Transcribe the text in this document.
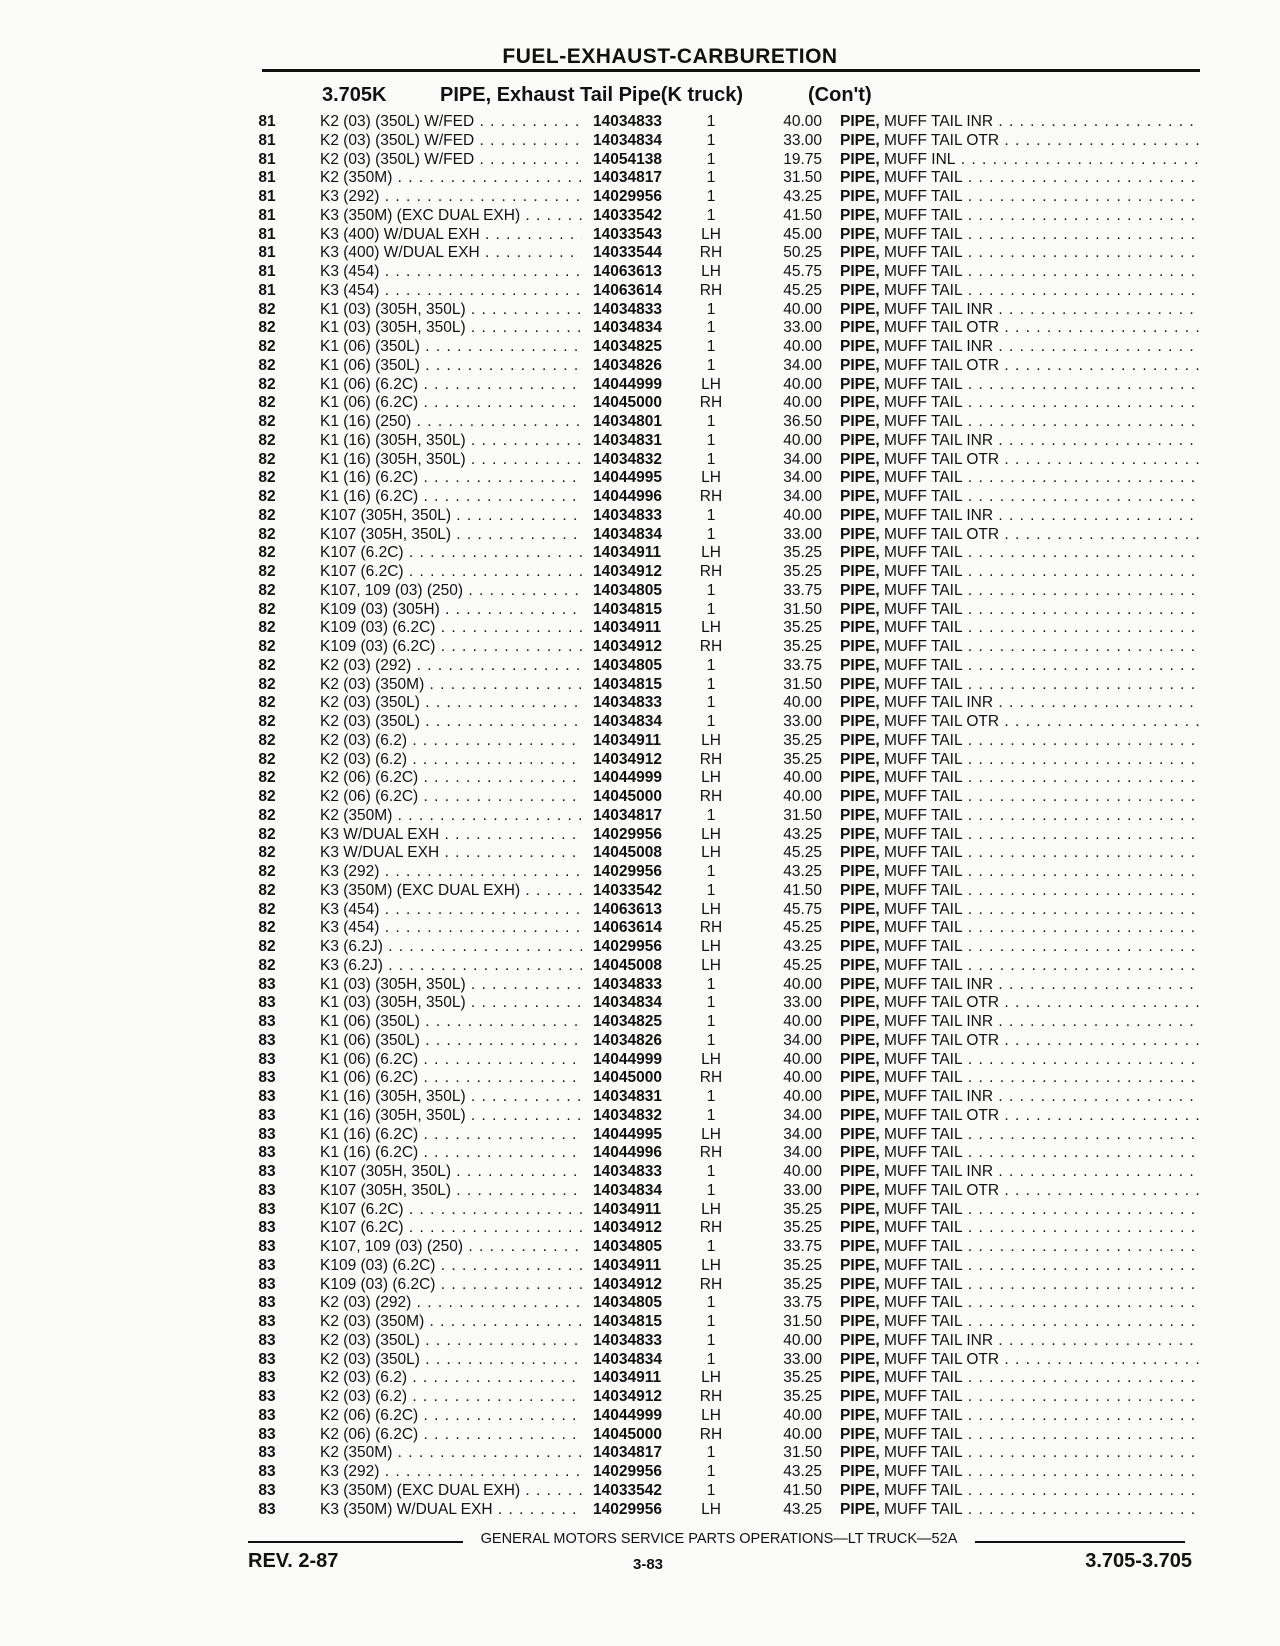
FUEL-EXHAUST-CARBURETION
3.705K	PIPE, Exhaust Tail Pipe(K truck)	(Con't)
81	K2 (03) (350L) W/FED . . .	14034833	1	40.00 PIPE, MUFF TAIL INR . . .
81	K2 (03) (350L) W/FED . . .	14034834	1	33.00 PIPE, MUFF TAIL OTR . . .
81	K2 (03) (350L) W/FED . . .	14054138	1	19.75 PIPE, MUFF INL . . .
81	K2 (350M) . . .	14034817	1	31.50 PIPE, MUFF TAIL . . .
81	K3 (292) . . .	14029956	1	43.25 PIPE, MUFF TAIL . . .
81	K3 (350M) (EXC DUAL EXH) . . .	14033542	1	41.50 PIPE, MUFF TAIL . . .
81	K3 (400) W/DUAL EXH . . .	14033543	LH	45.00 PIPE, MUFF TAIL . . .
81	K3 (400) W/DUAL EXH . . .	14033544	RH	50.25 PIPE, MUFF TAIL . . .
81	K3 (454) . . .	14063613	LH	45.75 PIPE, MUFF TAIL . . .
81	K3 (454) . . .	14063614	RH	45.25 PIPE, MUFF TAIL . . .
82	K1 (03) (305H, 350L) . . .	14034833	1	40.00 PIPE, MUFF TAIL INR . . .
82	K1 (03) (305H, 350L) . . .	14034834	1	33.00 PIPE, MUFF TAIL OTR . . .
82	K1 (06) (350L) . . .	14034825	1	40.00 PIPE, MUFF TAIL INR . . .
82	K1 (06) (350L) . . .	14034826	1	34.00 PIPE, MUFF TAIL OTR . . .
82	K1 (06) (6.2C) . . .	14044999	LH	40.00 PIPE, MUFF TAIL . . .
82	K1 (06) (6.2C) . . .	14045000	RH	40.00 PIPE, MUFF TAIL . . .
82	K1 (16) (250) . . .	14034801	1	36.50 PIPE, MUFF TAIL . . .
82	K1 (16) (305H, 350L) . . .	14034831	1	40.00 PIPE, MUFF TAIL INR . . .
82	K1 (16) (305H, 350L) . . .	14034832	1	34.00 PIPE, MUFF TAIL OTR . . .
82	K1 (16) (6.2C) . . .	14044995	LH	34.00 PIPE, MUFF TAIL . . .
82	K1 (16) (6.2C) . . .	14044996	RH	34.00 PIPE, MUFF TAIL . . .
82	K107 (305H, 350L) . . .	14034833	1	40.00 PIPE, MUFF TAIL INR . . .
82	K107 (305H, 350L) . . .	14034834	1	33.00 PIPE, MUFF TAIL OTR . . .
82	K107 (6.2C) . . .	14034911	LH	35.25 PIPE, MUFF TAIL . . .
82	K107 (6.2C) . . .	14034912	RH	35.25 PIPE, MUFF TAIL . . .
82	K107, 109 (03) (250) . . .	14034805	1	33.75 PIPE, MUFF TAIL . . .
82	K109 (03) (305H) . . .	14034815	1	31.50 PIPE, MUFF TAIL . . .
82	K109 (03) (6.2C) . . .	14034911	LH	35.25 PIPE, MUFF TAIL . . .
82	K109 (03) (6.2C) . . .	14034912	RH	35.25 PIPE, MUFF TAIL . . .
82	K2 (03) (292) . . .	14034805	1	33.75 PIPE, MUFF TAIL . . .
82	K2 (03) (350M) . . .	14034815	1	31.50 PIPE, MUFF TAIL . . .
82	K2 (03) (350L) . . .	14034833	1	40.00 PIPE, MUFF TAIL INR . . .
82	K2 (03) (350L) . . .	14034834	1	33.00 PIPE, MUFF TAIL OTR . . .
82	K2 (03) (6.2) . . .	14034911	LH	35.25 PIPE, MUFF TAIL . . .
82	K2 (03) (6.2) . . .	14034912	RH	35.25 PIPE, MUFF TAIL . . .
82	K2 (06) (6.2C) . . .	14044999	LH	40.00 PIPE, MUFF TAIL . . .
82	K2 (06) (6.2C) . . .	14045000	RH	40.00 PIPE, MUFF TAIL . . .
82	K2 (350M) . . .	14034817	1	31.50 PIPE, MUFF TAIL . . .
82	K3 W/DUAL EXH . . .	14029956	LH	43.25 PIPE, MUFF TAIL . . .
82	K3 W/DUAL EXH . . .	14045008	LH	45.25 PIPE, MUFF TAIL . . .
82	K3 (292) . . .	14029956	1	43.25 PIPE, MUFF TAIL . . .
82	K3 (350M) (EXC DUAL EXH) . . .	14033542	1	41.50 PIPE, MUFF TAIL . . .
82	K3 (454) . . .	14063613	LH	45.75 PIPE, MUFF TAIL . . .
82	K3 (454) . . .	14063614	RH	45.25 PIPE, MUFF TAIL . . .
82	K3 (6.2J) . . .	14029956	LH	43.25 PIPE, MUFF TAIL . . .
82	K3 (6.2J) . . .	14045008	LH	45.25 PIPE, MUFF TAIL . . .
83	K1 (03) (305H, 350L) . . .	14034833	1	40.00 PIPE, MUFF TAIL INR . . .
83	K1 (03) (305H, 350L) . . .	14034834	1	33.00 PIPE, MUFF TAIL OTR . . .
83	K1 (06) (350L) . . .	14034825	1	40.00 PIPE, MUFF TAIL INR . . .
83	K1 (06) (350L) . . .	14034826	1	34.00 PIPE, MUFF TAIL OTR . . .
83	K1 (06) (6.2C) . . .	14044999	LH	40.00 PIPE, MUFF TAIL . . .
83	K1 (06) (6.2C) . . .	14045000	RH	40.00 PIPE, MUFF TAIL . . .
83	K1 (16) (305H, 350L) . . .	14034831	1	40.00 PIPE, MUFF TAIL INR . . .
83	K1 (16) (305H, 350L) . . .	14034832	1	34.00 PIPE, MUFF TAIL OTR . . .
83	K1 (16) (6.2C) . . .	14044995	LH	34.00 PIPE, MUFF TAIL . . .
83	K1 (16) (6.2C) . . .	14044996	RH	34.00 PIPE, MUFF TAIL . . .
83	K107 (305H, 350L) . . .	14034833	1	40.00 PIPE, MUFF TAIL INR . . .
83	K107 (305H, 350L) . . .	14034834	1	33.00 PIPE, MUFF TAIL OTR . . .
83	K107 (6.2C) . . .	14034911	LH	35.25 PIPE, MUFF TAIL . . .
83	K107 (6.2C) . . .	14034912	RH	35.25 PIPE, MUFF TAIL . . .
83	K107, 109 (03) (250) . . .	14034805	1	33.75 PIPE, MUFF TAIL . . .
83	K109 (03) (6.2C) . . .	14034911	LH	35.25 PIPE, MUFF TAIL . . .
83	K109 (03) (6.2C) . . .	14034912	RH	35.25 PIPE, MUFF TAIL . . .
83	K2 (03) (292) . . .	14034805	1	33.75 PIPE, MUFF TAIL . . .
83	K2 (03) (350M) . . .	14034815	1	31.50 PIPE, MUFF TAIL . . .
83	K2 (03) (350L) . . .	14034833	1	40.00 PIPE, MUFF TAIL INR . . .
83	K2 (03) (350L) . . .	14034834	1	33.00 PIPE, MUFF TAIL OTR . . .
83	K2 (03) (6.2) . . .	14034911	LH	35.25 PIPE, MUFF TAIL . . .
83	K2 (03) (6.2) . . .	14034912	RH	35.25 PIPE, MUFF TAIL . . .
83	K2 (06) (6.2C) . . .	14044999	LH	40.00 PIPE, MUFF TAIL . . .
83	K2 (06) (6.2C) . . .	14045000	RH	40.00 PIPE, MUFF TAIL . . .
83	K2 (350M) . . .	14034817	1	31.50 PIPE, MUFF TAIL . . .
83	K3 (292) . . .	14029956	1	43.25 PIPE, MUFF TAIL . . .
83	K3 (350M) (EXC DUAL EXH) . . .	14033542	1	41.50 PIPE, MUFF TAIL . . .
83	K3 (350M) W/DUAL EXH . . .	14029956	LH	43.25 PIPE, MUFF TAIL . . .
GENERAL MOTORS SERVICE PARTS OPERATIONS—LT TRUCK—52A
REV. 2-87	3-83	3.705-3.705
